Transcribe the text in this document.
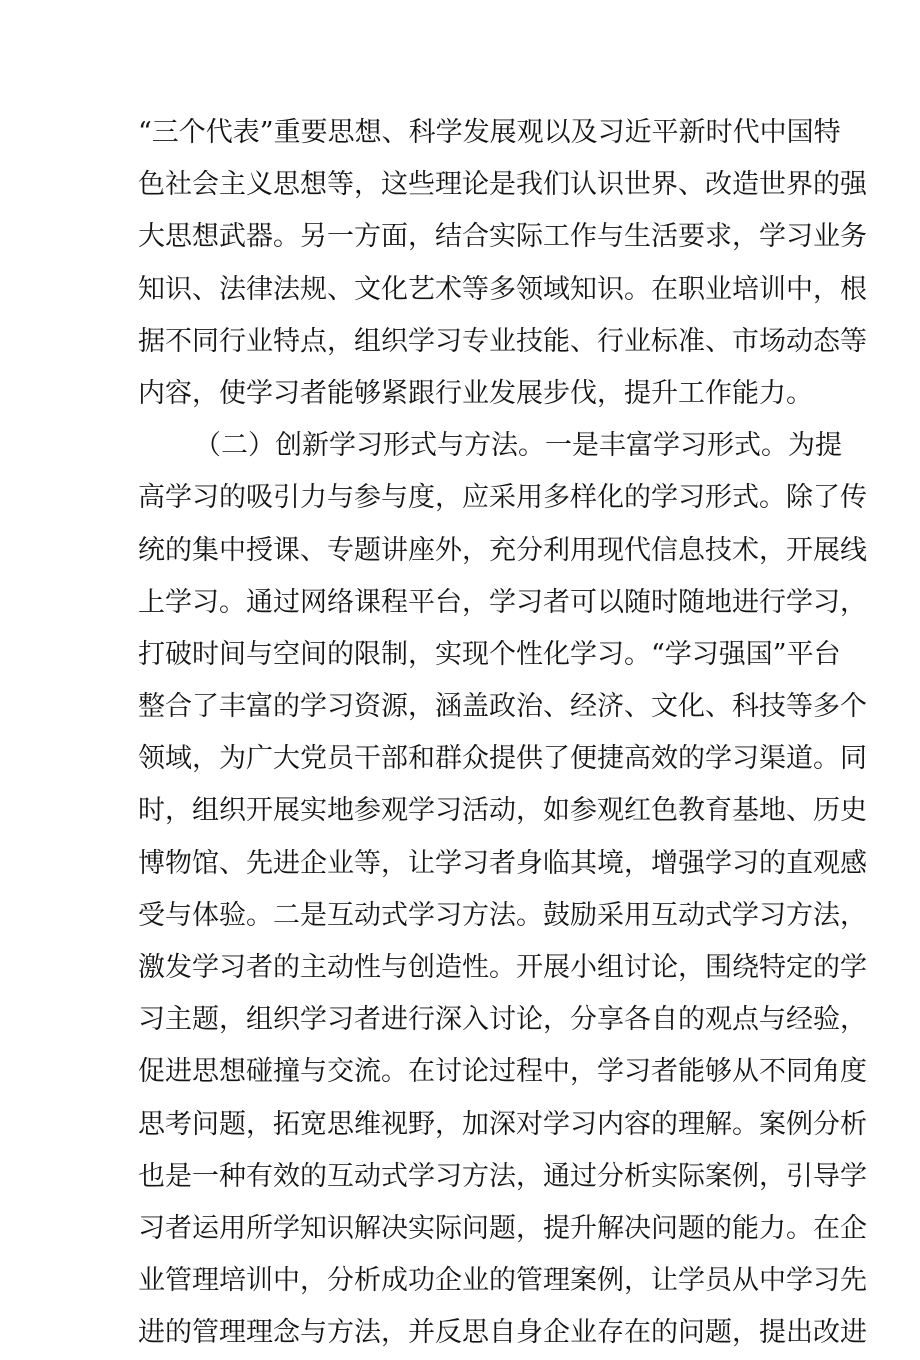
“三个代表”重要思想、科学发展观以及习近平新时代中国特
色社会主义思想等，这些理论是我们认识世界、改造世界的强
大思想武器。另一方面，结合实际工作与生活要求，学习业务
知识、法律法规、文化艺术等多领域知识。在职业培训中，根
据不同行业特点，组织学习专业技能、行业标准、市场动态等
内容，使学习者能够紧跟行业发展步伐，提升工作能力。
（二）创新学习形式与方法。一是丰富学习形式。为提
高学习的吸引力与参与度，应采用多样化的学习形式。除了传
统的集中授课、专题讲座外，充分利用现代信息技术，开展线
上学习。通过网络课程平台，学习者可以随时随地进行学习，
打破时间与空间的限制，实现个性化学习。“学习强国”平台
整合了丰富的学习资源，涵盖政治、经济、文化、科技等多个
领域，为广大党员干部和群众提供了便捷高效的学习渠道。同
时，组织开展实地参观学习活动，如参观红色教育基地、历史
博物馆、先进企业等，让学习者身临其境，增强学习的直观感
受与体验。二是互动式学习方法。鼓励采用互动式学习方法，
激发学习者的主动性与创造性。开展小组讨论，围绕特定的学
习主题，组织学习者进行深入讨论，分享各自的观点与经验，
促进思想碰撞与交流。在讨论过程中，学习者能够从不同角度
思考问题，拓宽思维视野，加深对学习内容的理解。案例分析
也是一种有效的互动式学习方法，通过分析实际案例，引导学
习者运用所学知识解决实际问题，提升解决问题的能力。在企
业管理培训中，分析成功企业的管理案例，让学员从中学习先
进的管理理念与方法，并反思自身企业存在的问题，提出改进
